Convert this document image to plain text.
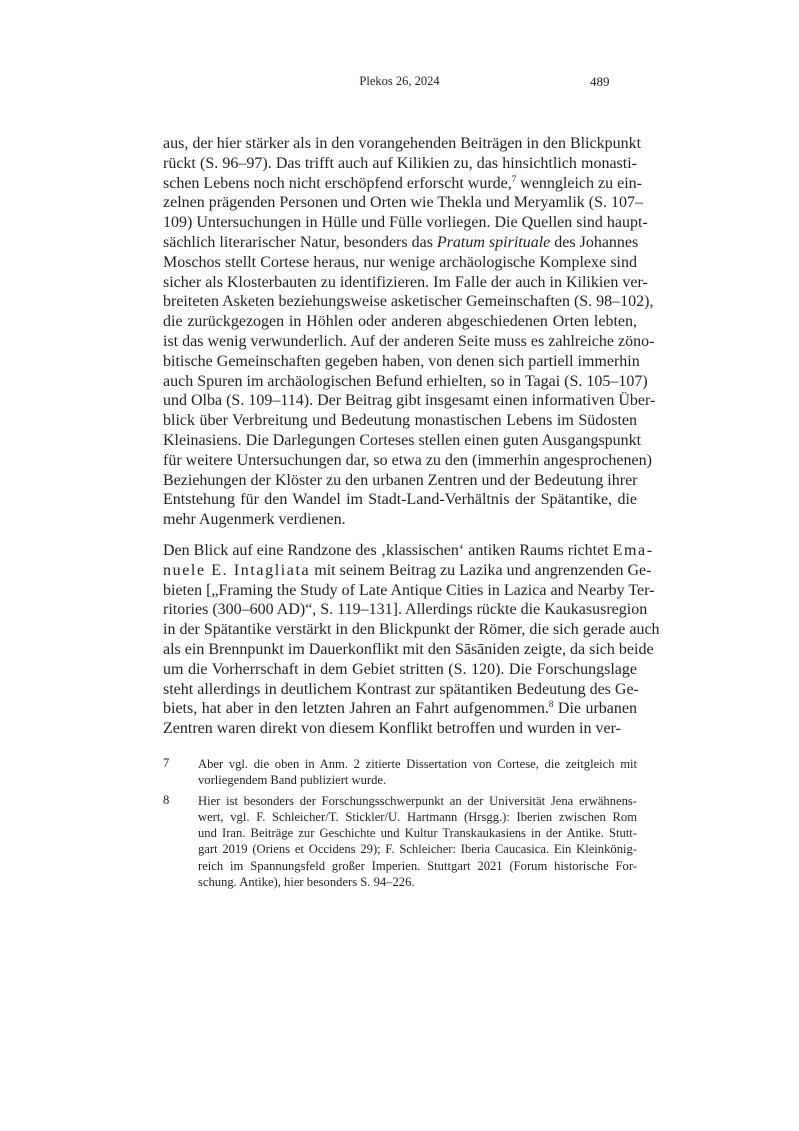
Plekos 26, 2024	489
aus, der hier stärker als in den vorangehenden Beiträgen in den Blickpunkt
rückt (S. 96–97). Das trifft auch auf Kilikien zu, das hinsichtlich monasti-
schen Lebens noch nicht erschöpfend erforscht wurde,$^7$ wenngleich zu ein-
zelnen prägenden Personen und Orten wie Thekla und Meryamlik (S. 107–
109) Untersuchungen in Hülle und Fülle vorliegen. Die Quellen sind haupt-
sächlich literarischer Natur, besonders das Pratum spirituale des Johannes
Moschos stellt Cortese heraus, nur wenige archäologische Komplexe sind
sicher als Klosterbauten zu identifizieren. Im Falle der auch in Kilikien ver-
breiteten Asketen beziehungsweise asketischer Gemeinschaften (S. 98–102),
die zurückgezogen in Höhlen oder anderen abgeschiedenen Orten lebten,
ist das wenig verwunderlich. Auf der anderen Seite muss es zahlreiche zöno-
bitische Gemeinschaften gegeben haben, von denen sich partiell immerhin
auch Spuren im archäologischen Befund erhielten, so in Tagai (S. 105–107)
und Olba (S. 109–114). Der Beitrag gibt insgesamt einen informativen Über-
blick über Verbreitung und Bedeutung monastischen Lebens im Südosten
Kleinasiens. Die Darlegungen Corteses stellen einen guten Ausgangspunkt
für weitere Untersuchungen dar, so etwa zu den (immerhin angesprochenen)
Beziehungen der Klöster zu den urbanen Zentren und der Bedeutung ihrer
Entstehung für den Wandel im Stadt-Land-Verhältnis der Spätantike, die
mehr Augenmerk verdienen.
Den Blick auf eine Randzone des ‚klassischen‘ antiken Raums richtet Ema-
nuele E. Intagliata mit seinem Beitrag zu Lazika und angrenzenden Ge-
bieten [„Framing the Study of Late Antique Cities in Lazica and Nearby Ter-
ritories (300–600 AD)“, S. 119–131]. Allerdings rückte die Kaukasusregion
in der Spätantike verstärkt in den Blickpunkt der Römer, die sich gerade auch
als ein Brennpunkt im Dauerkonflikt mit den Sāsāniden zeigte, da sich beide
um die Vorherrschaft in dem Gebiet stritten (S. 120). Die Forschungslage
steht allerdings in deutlichem Kontrast zur spätantiken Bedeutung des Ge-
biets, hat aber in den letzten Jahren an Fahrt aufgenommen.$^8$ Die urbanen
Zentren waren direkt von diesem Konflikt betroffen und wurden in ver-
7	Aber vgl. die oben in Anm. 2 zitierte Dissertation von Cortese, die zeitgleich mit
vorliegendem Band publiziert wurde.
8	Hier ist besonders der Forschungsschwerpunkt an der Universität Jena erwähnens-
wert, vgl. F. Schleicher/T. Stickler/U. Hartmann (Hrsgg.): Iberien zwischen Rom
und Iran. Beiträge zur Geschichte und Kultur Transkaukasiens in der Antike. Stutt-
gart 2019 (Oriens et Occidens 29); F. Schleicher: Iberia Caucasica. Ein Kleinkönig-
reich im Spannungsfeld großer Imperien. Stuttgart 2021 (Forum historische For-
schung. Antike), hier besonders S. 94–226.
